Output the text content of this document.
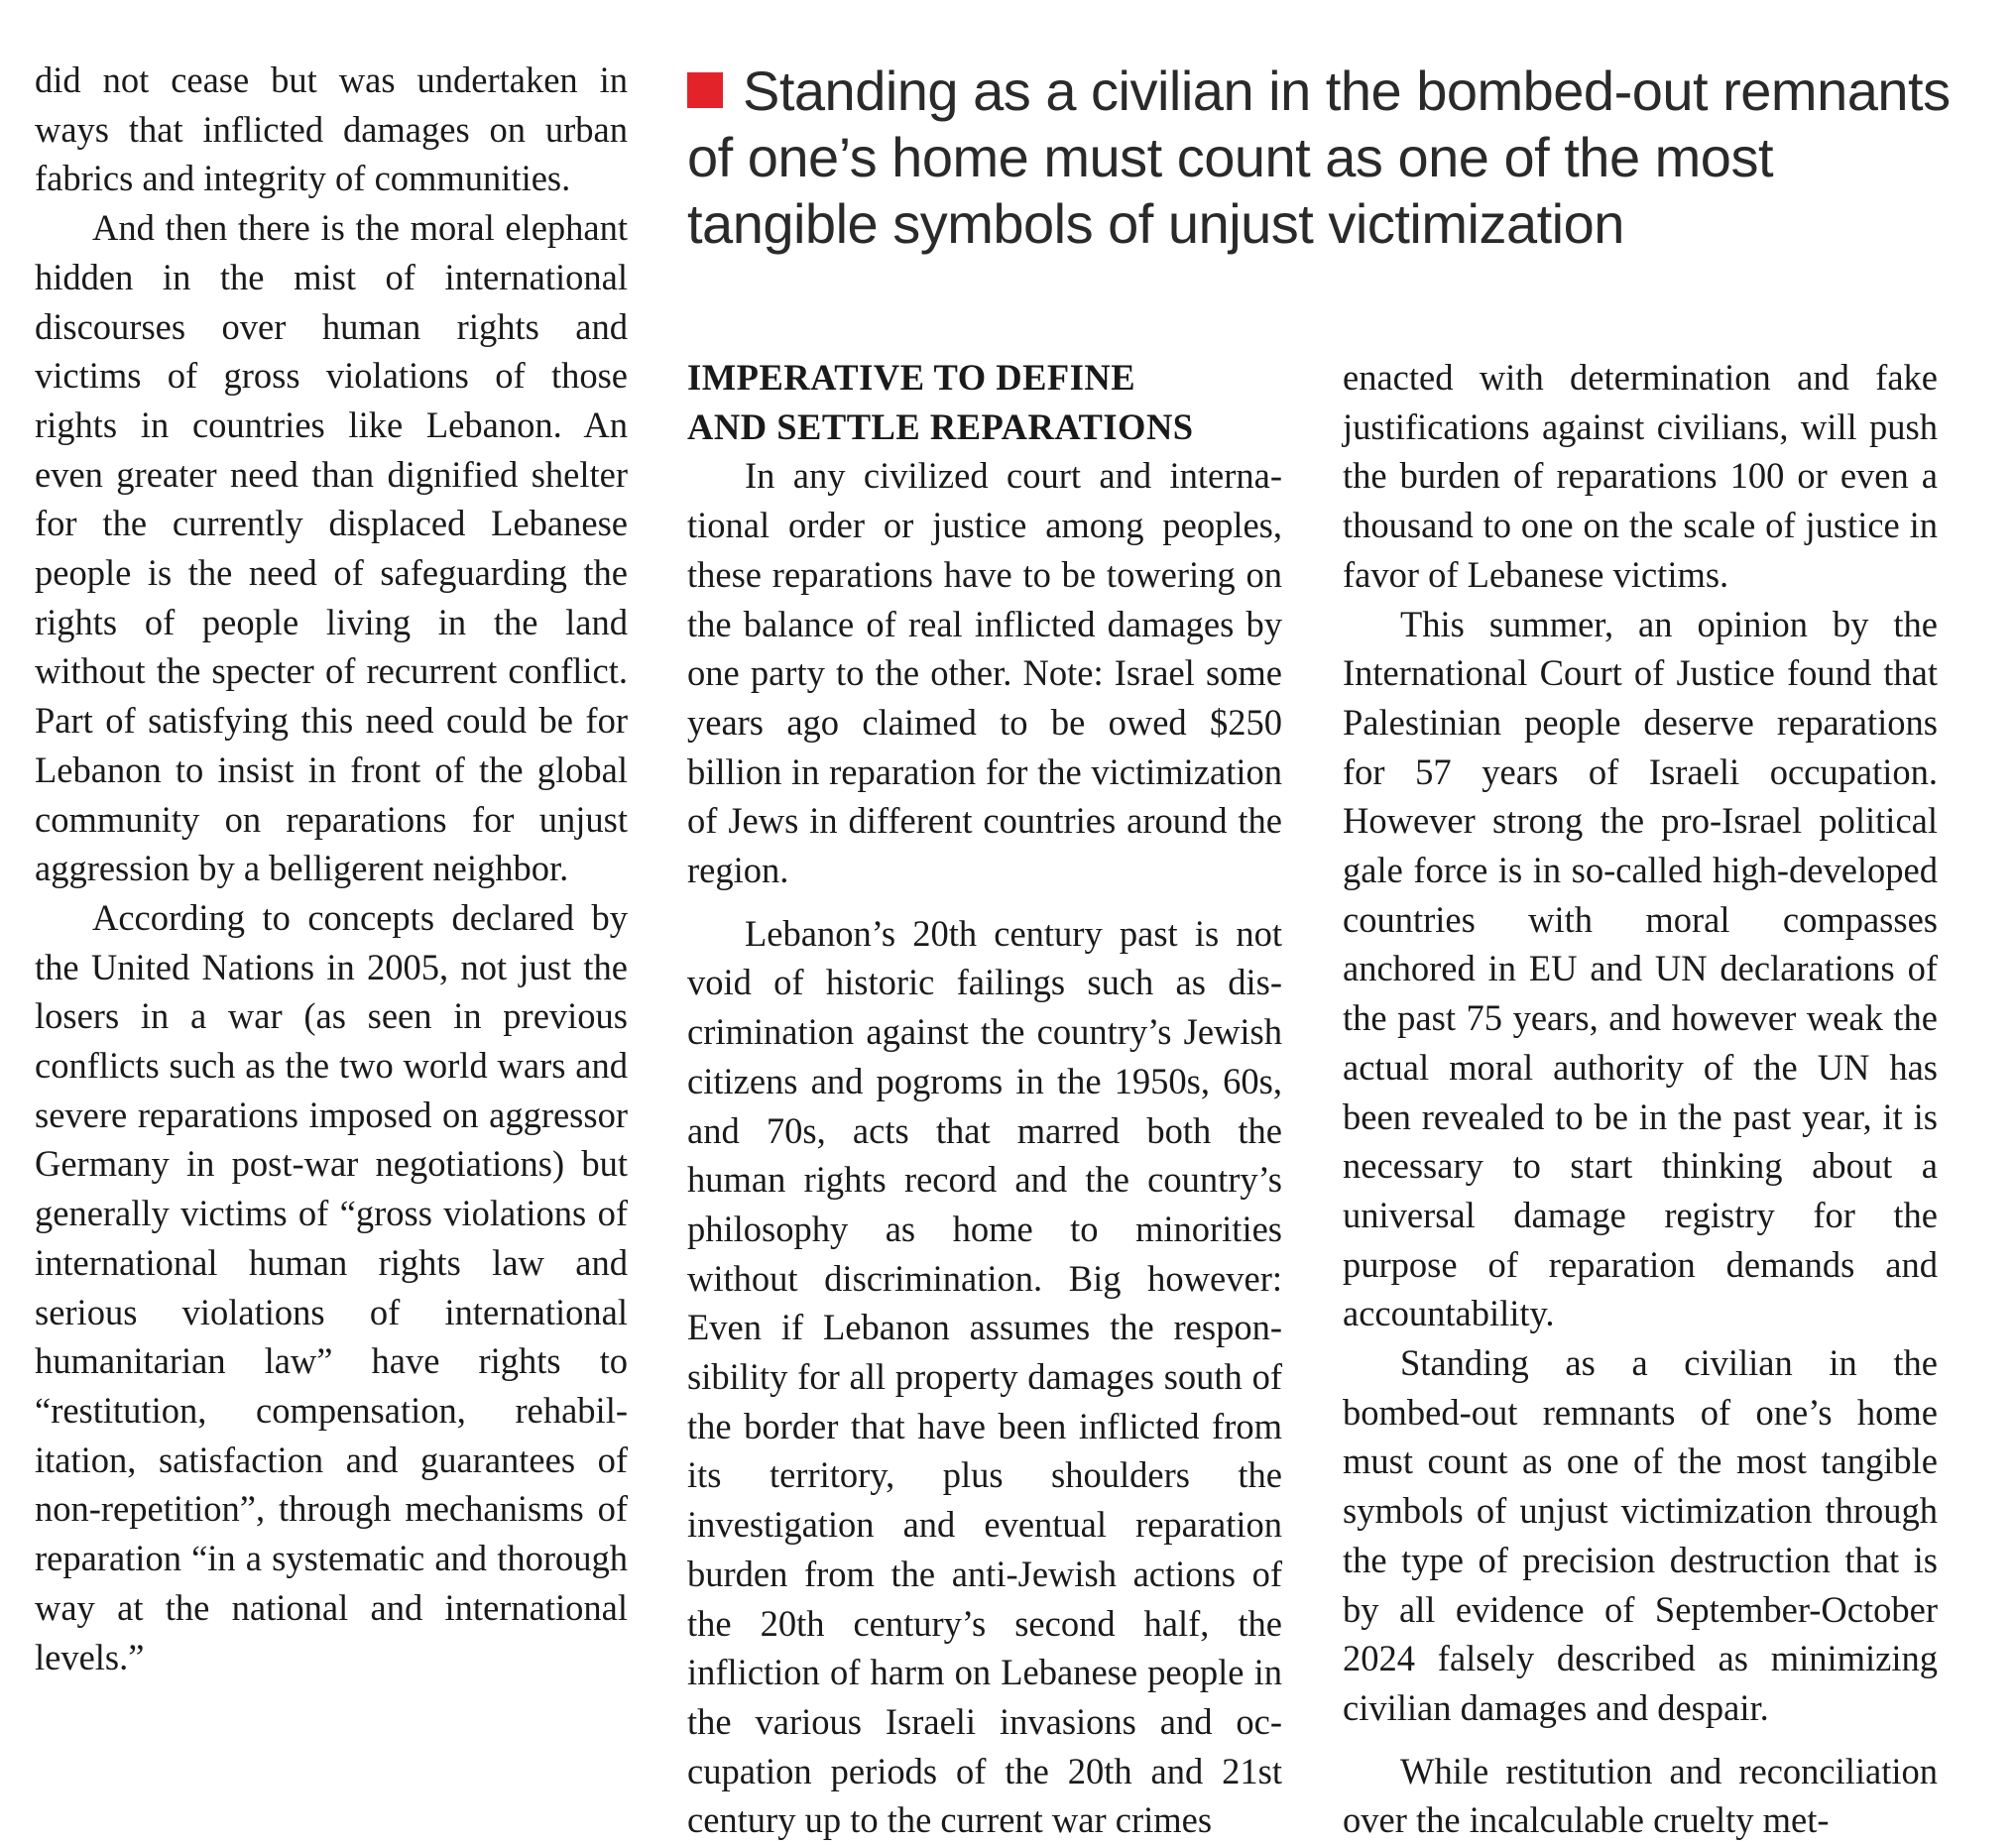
did not cease but was undertaken in ways that inflicted damages on urban fabrics and integrity of communities.

And then there is the moral elephant hidden in the mist of international discourses over human rights and victims of gross violations of those rights in countries like Lebanon. An even greater need than dignified shelter for the currently displaced Lebanese people is the need of safeguarding the rights of people living in the land without the specter of recurrent conflict. Part of satisfying this need could be for Lebanon to insist in front of the global community on reparations for unjust aggression by a belligerent neighbor.

According to concepts declared by the United Nations in 2005, not just the losers in a war (as seen in previous conflicts such as the two world wars and severe reparations imposed on aggressor Germany in post-war negotiations) but generally victims of “gross violations of international human rights law and serious violations of international humanitarian law” have rights to “restitution, compensation, rehabilitation, satisfaction and guarantees of non-repetition”, through mechanisms of reparation “in a systematic and thorough way at the national and international levels.”

Standing as a civilian in the bombed-out remnants of one’s home must count as one of the most tangible symbols of unjust victimization
IMPERATIVE TO DEFINE
AND SETTLE REPARATIONS

In any civilized court and international order or justice among peoples, these reparations have to be towering on the balance of real inflicted damages by one party to the other. Note: Israel some years ago claimed to be owed $250 billion in reparation for the victimization of Jews in different countries around the region.

Lebanon’s 20th century past is not void of historic failings such as discrimination against the country’s Jewish citizens and pogroms in the 1950s, 60s, and 70s, acts that marred both the human rights record and the country’s philosophy as home to minorities without discrimination. Big however: Even if Lebanon assumes the responsibility for all property damages south of the border that have been inflicted from its territory, plus shoulders the investigation and eventual reparation burden from the anti-Jewish actions of the 20th century’s second half, the infliction of harm on Lebanese people in the various Israeli invasions and occupation periods of the 20th and 21st century up to the current war crimes

enacted with determination and fake justifications against civilians, will push the burden of reparations 100 or even a thousand to one on the scale of justice in favor of Lebanese victims.

This summer, an opinion by the International Court of Justice found that Palestinian people deserve reparations for 57 years of Israeli occupation. However strong the pro-Israel political gale force is in so-called high-developed countries with moral compasses anchored in EU and UN declarations of the past 75 years, and however weak the actual moral authority of the UN has been revealed to be in the past year, it is necessary to start thinking about a universal damage registry for the purpose of reparation demands and accountability.

Standing as a civilian in the bombed-out remnants of one’s home must count as one of the most tangible symbols of unjust victimization through the type of precision destruction that is by all evidence of September-October 2024 falsely described as minimizing civilian damages and despair.

While restitution and reconciliation over the incalculable cruelty met-
